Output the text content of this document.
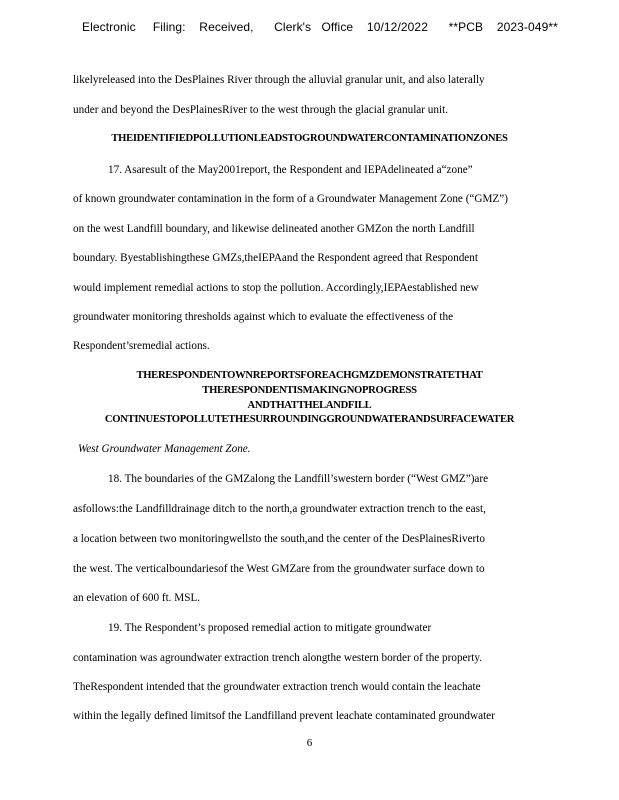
Electronic     Filing:    Received,      Clerk's   Office    10/12/2022      **PCB    2023-049**
likelyreleased into the DesPlaines River through the alluvial granular unit, and also laterally
under and beyond the DesPlainesRiver to the west through the glacial granular unit.
THEIDENTIFIEDPOLLUTIONLEADSTOGROUNDWATERCONTAMINATIONZONES
17. Asaresult of the May2001report, the Respondent and IEPAdelineated a“zone”
of known groundwater contamination in the form of a Groundwater Management Zone (“GMZ”)
on the west Landfill boundary, and likewise delineated another GMZon the north Landfill
boundary. Byestablishingthese GMZs,theIEPAand the Respondent agreed that Respondent
would implement remedial actions to stop the pollution. Accordingly,IEPAestablished new
groundwater monitoring thresholds against which to evaluate the effectiveness of the
Respondent’sremedial actions.
THERESPONDENTOWNREPORTSFOREACHGMZDEMONSTRATETHAT
THERESPONDENTISMAKINGNOPROGRESS
ANDTHATTHELANDFILL
CONTINUESTOPOLLUTETHESURROUNDINGGROUNDWATERANDSURFACEWATER
West Groundwater Management Zone.
18. The boundaries of the GMZalong the Landfill’swestern border (“West GMZ”)are
asfollows:the Landfilldrainage ditch to the north,a groundwater extraction trench to the east,
a location between two monitoringwellsto the south,and the center of the DesPlainesRiverto
the west. The verticalboundariesof the West GMZare from the groundwater surface down to
an elevation of 600 ft. MSL.
19. The Respondent’s proposed remedial action to mitigate groundwater
contamination was agroundwater extraction trench alongthe western border of the property.
TheRespondent intended that the groundwater extraction trench would contain the leachate
within the legally defined limitsof the Landfilland prevent leachate contaminated groundwater
6
